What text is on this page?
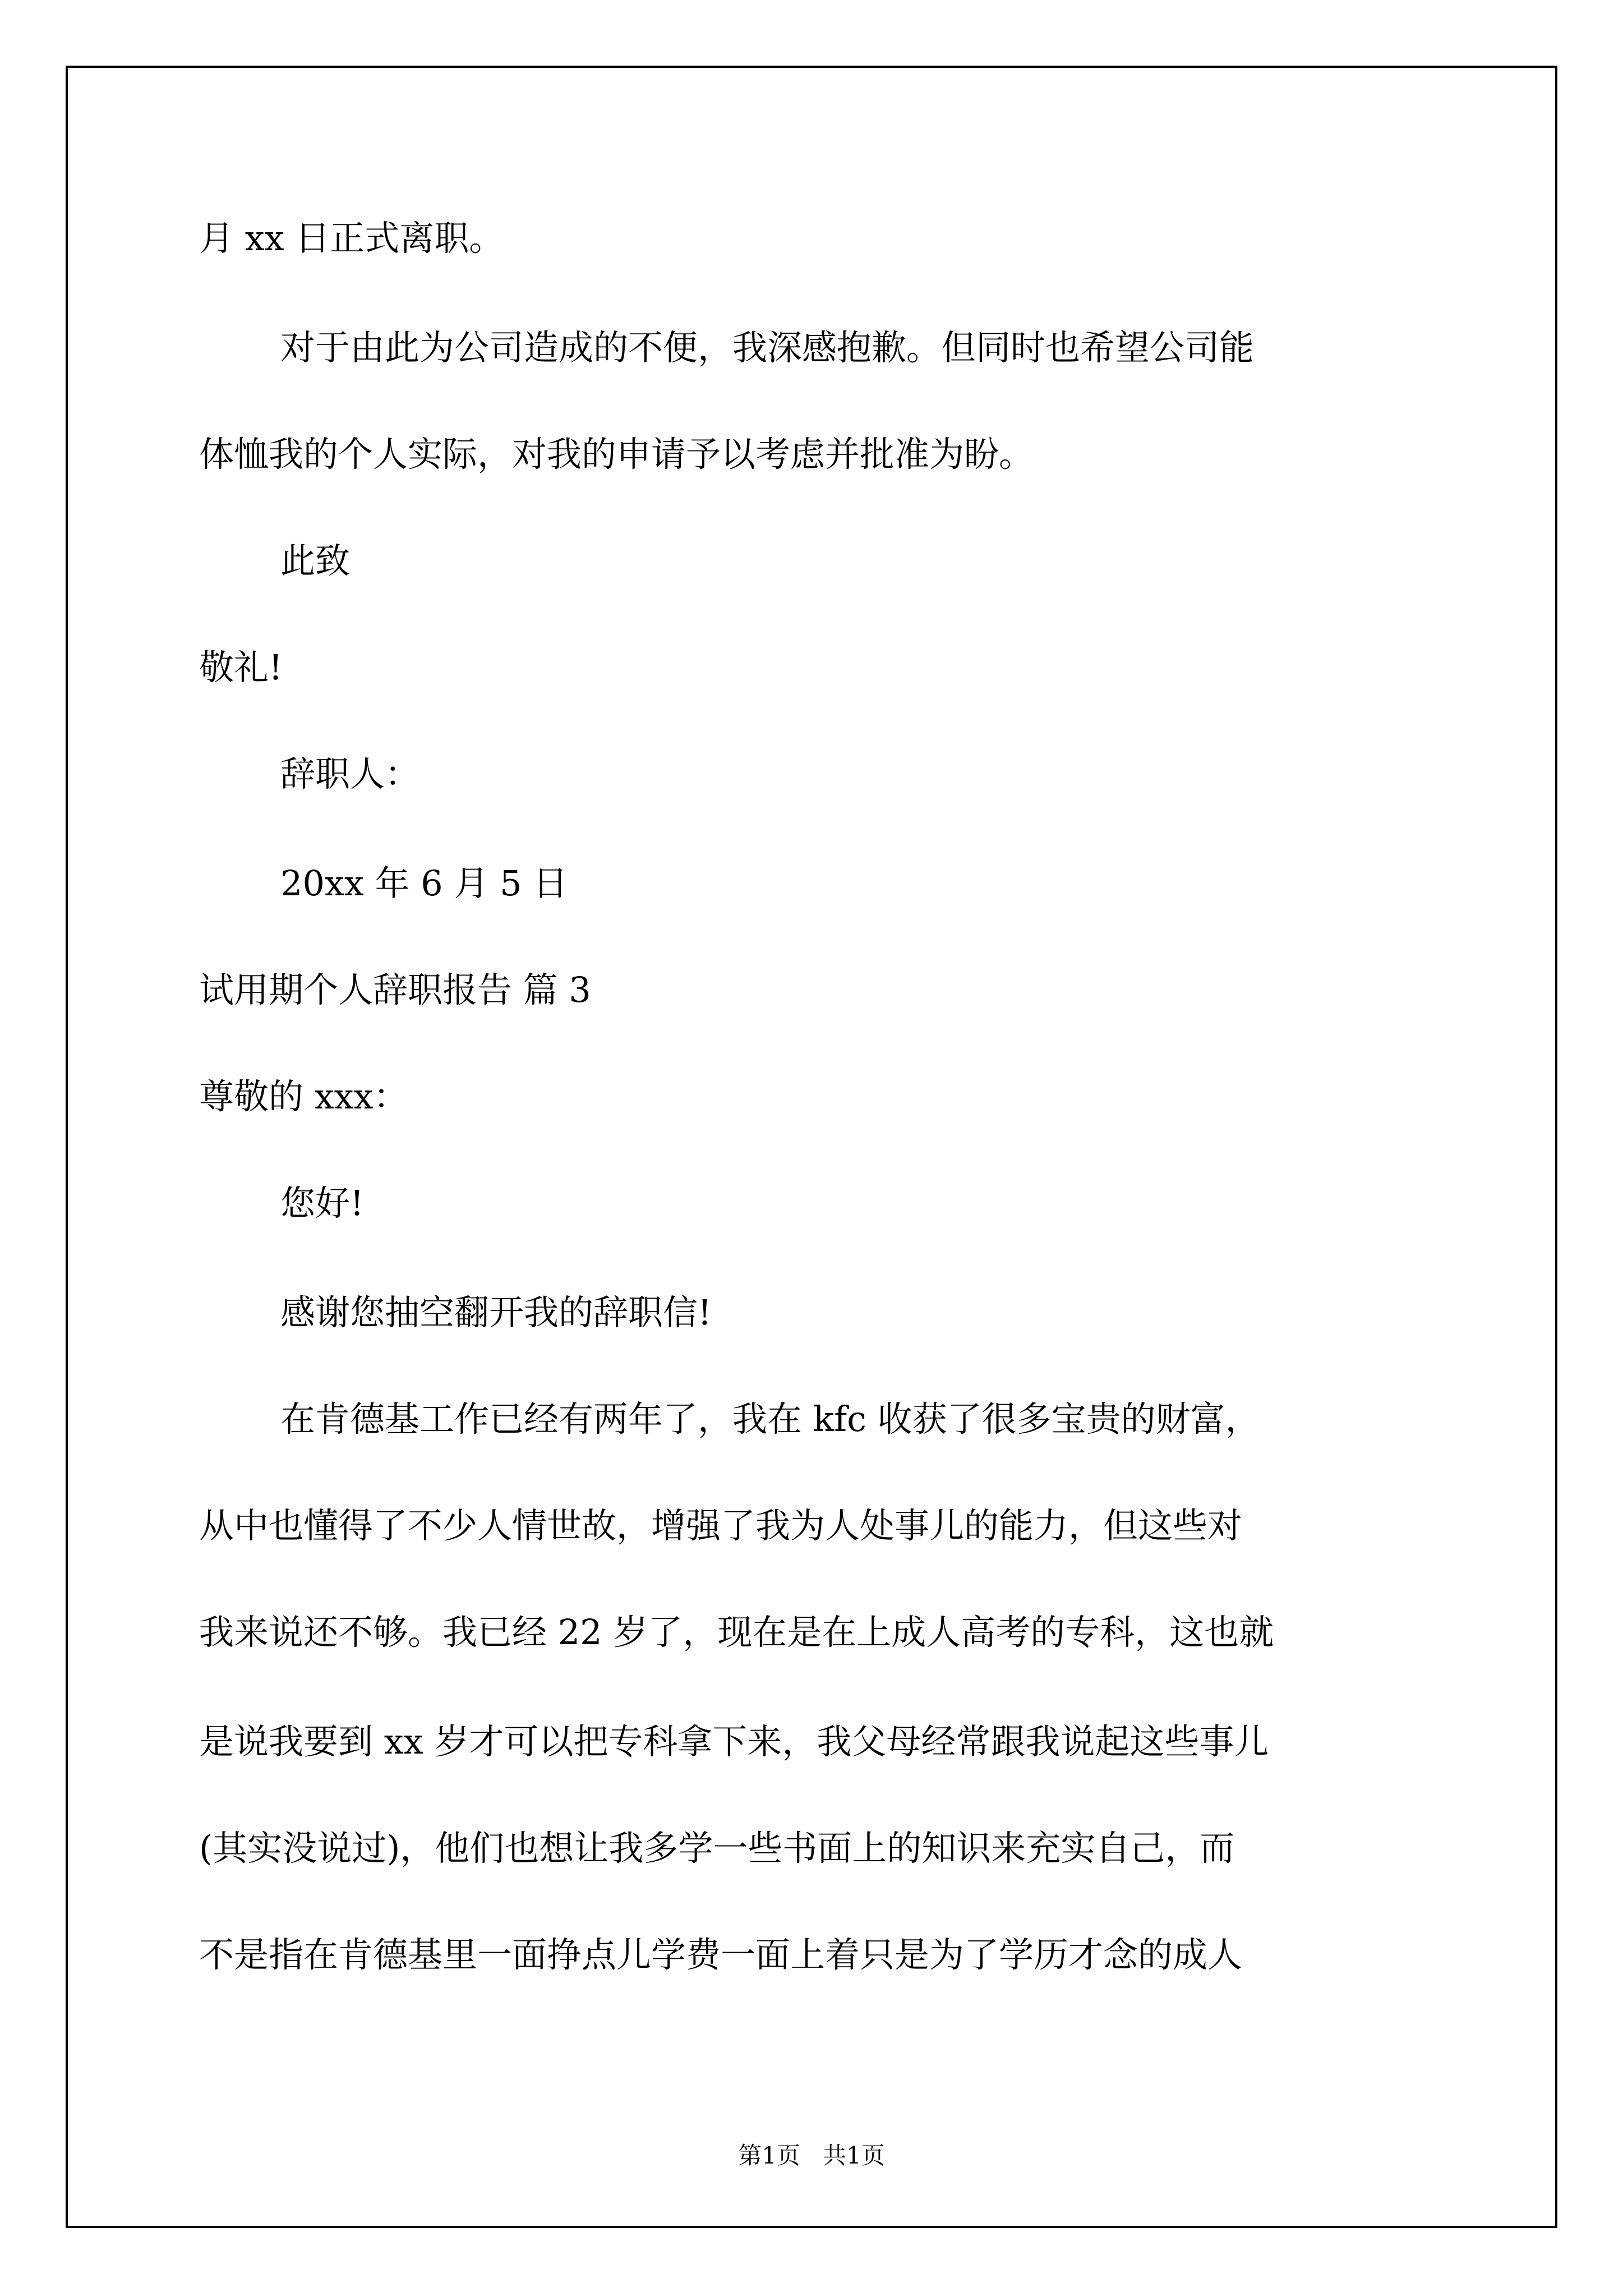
月 xx 日正式离职。
对于由此为公司造成的不便，我深感抱歉。但同时也希望公司能
体恤我的个人实际，对我的申请予以考虑并批准为盼。
此致
敬礼!
辞职人：
20xx 年 6 月 5 日
试用期个人辞职报告 篇 3
尊敬的 xxx：
您好!
感谢您抽空翻开我的辞职信!
在肯德基工作已经有两年了，我在 kfc 收获了很多宝贵的财富，
从中也懂得了不少人情世故，增强了我为人处事儿的能力，但这些对
我来说还不够。我已经 22 岁了，现在是在上成人高考的专科，这也就
是说我要到 xx 岁才可以把专科拿下来，我父母经常跟我说起这些事儿
(其实没说过)，他们也想让我多学一些书面上的知识来充实自己，而
不是指在肯德基里一面挣点儿学费一面上着只是为了学历才念的成人
第1页   共1页
